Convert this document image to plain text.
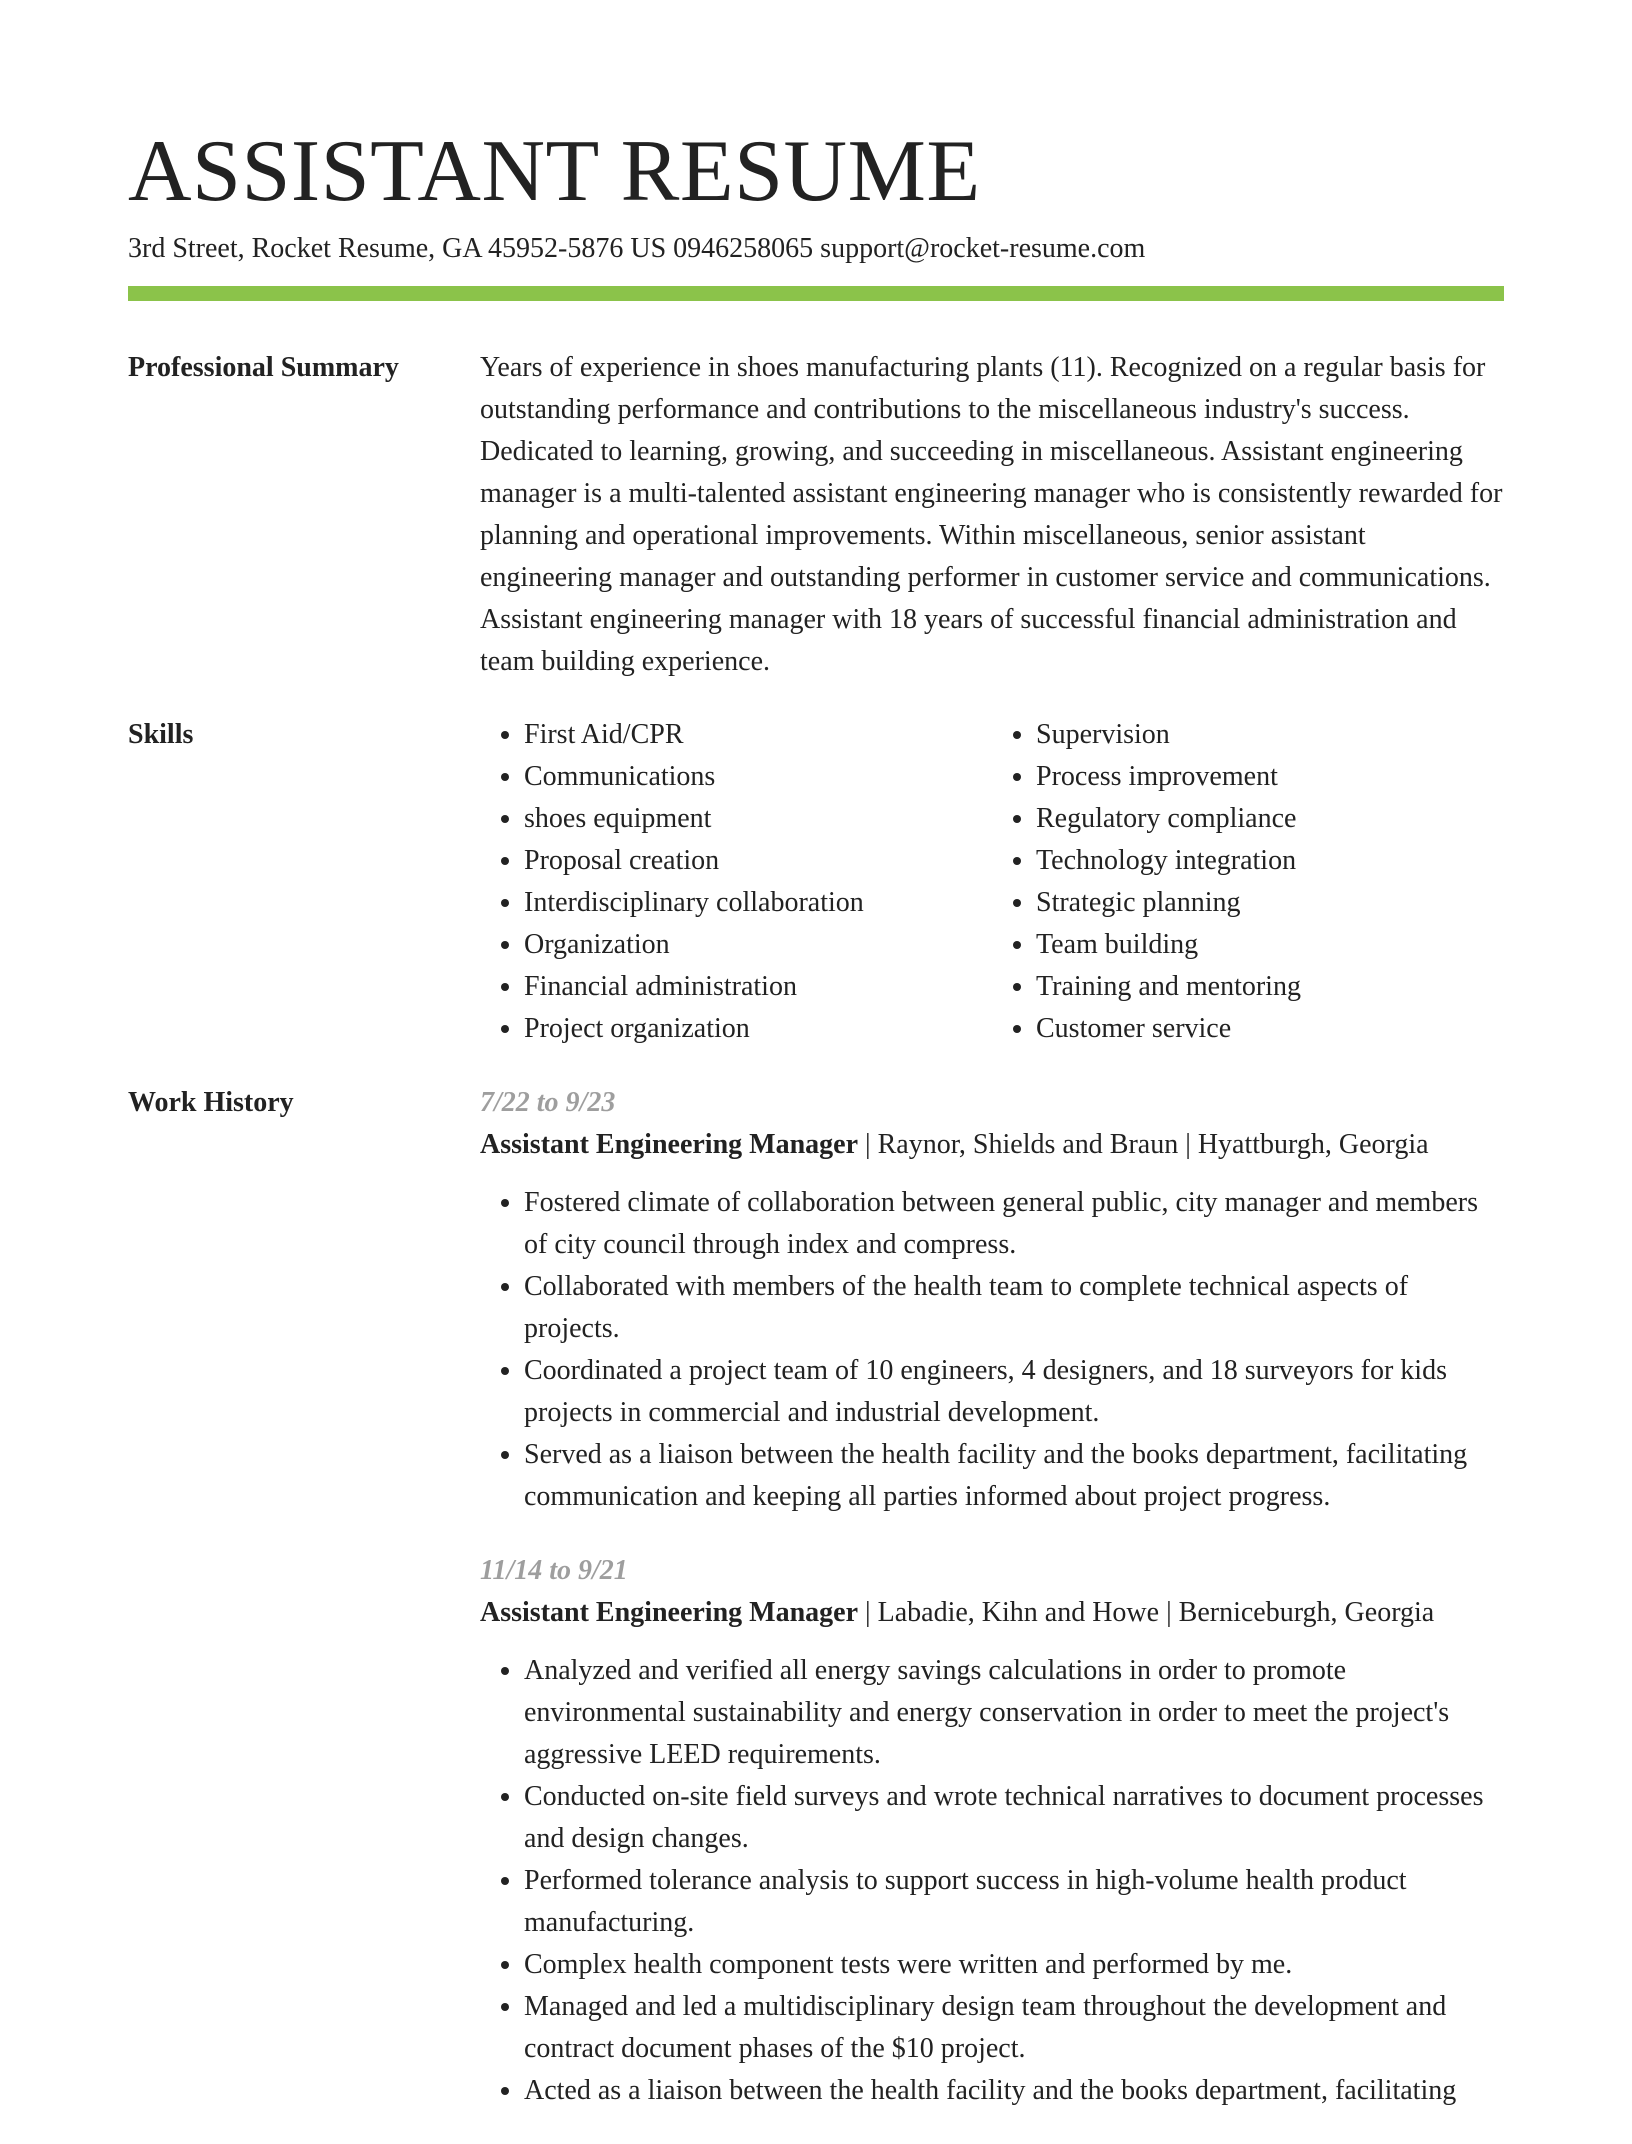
ASSISTANT RESUME
3rd Street, Rocket Resume, GA 45952-5876 US 0946258065 support@rocket-resume.com
Professional Summary	Years of experience in shoes manufacturing plants (11). Recognized on a regular basis for outstanding performance and contributions to the miscellaneous industry's success. Dedicated to learning, growing, and succeeding in miscellaneous. Assistant engineering manager is a multi-talented assistant engineering manager who is consistently rewarded for planning and operational improvements. Within miscellaneous, senior assistant engineering manager and outstanding performer in customer service and communications. Assistant engineering manager with 18 years of successful financial administration and team building experience.

Skills
•	First Aid/CPR
• Communications
• shoes equipment
• Proposal creation
• Interdisciplinary collaboration
• Organization
• Financial administration
• Project organization
• Supervision
• Process improvement
• Regulatory compliance
• Technology integration
• Strategic planning
• Team building
• Training and mentoring
• Customer service
Work History	7/22 to 9/23
Assistant Engineering Manager | Raynor, Shields and Braun | Hyattburgh, Georgia
• Fostered climate of collaboration between general public, city manager and members of city council through index and compress.
• Collaborated with members of the health team to complete technical aspects of projects.
• Coordinated a project team of 10 engineers, 4 designers, and 18 surveyors for kids projects in commercial and industrial development.
• Served as a liaison between the health facility and the books department, facilitating communication and keeping all parties informed about project progress.
11/14 to 9/21
Assistant Engineering Manager | Labadie, Kihn and Howe | Berniceburgh, Georgia
• Analyzed and verified all energy savings calculations in order to promote environmental sustainability and energy conservation in order to meet the project's aggressive LEED requirements.
• Conducted on-site field surveys and wrote technical narratives to document processes and design changes.
• Performed tolerance analysis to support success in high-volume health product manufacturing.
• Complex health component tests were written and performed by me.
• Managed and led a multidisciplinary design team throughout the development and contract document phases of the $10 project.
• Acted as a liaison between the health facility and the books department, facilitating
